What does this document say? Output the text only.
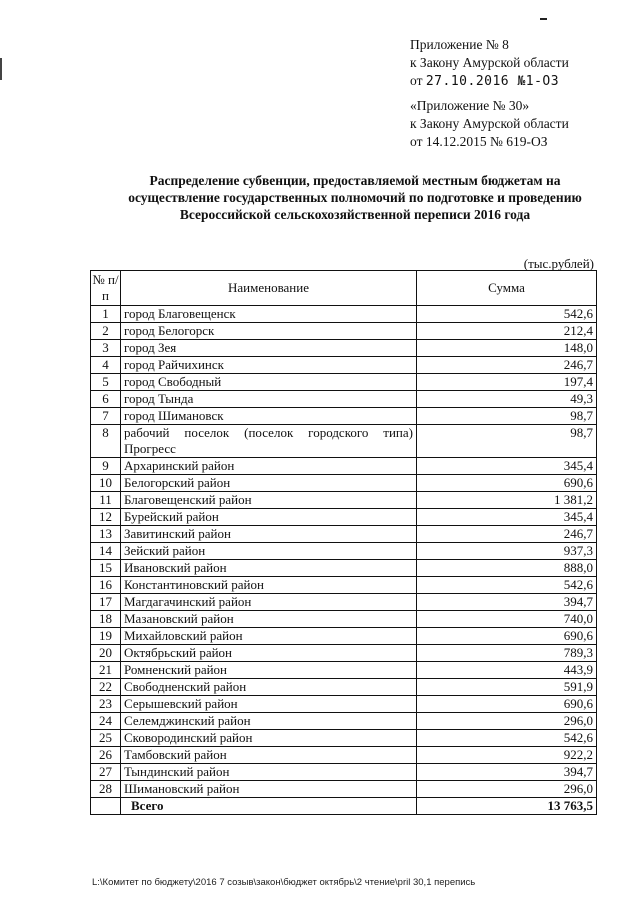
Приложение № 8
к Закону Амурской области
от 27.10.2016 №1-ОЗ
«Приложение № 30»
к Закону Амурской области
от 14.12.2015 № 619-ОЗ
Распределение субвенции, предоставляемой местным бюджетам на
осуществление государственных полномочий по подготовке и проведению
Всероссийской сельскохозяйственной переписи 2016 года
(тыс.рублей)
№ п/п	Наименование	Сумма
1	город Благовещенск	542,6
2	город Белогорск	212,4
3	город Зея	148,0
4	город Райчихинск	246,7
5	город Свободный	197,4
6	город Тында	49,3
7	город Шимановск	98,7
8	рабочий поселок (поселок городского типа) Прогресс	98,7
9	Архаринский район	345,4
10	Белогорский район	690,6
11	Благовещенский район	1 381,2
12	Бурейский район	345,4
13	Завитинский район	246,7
14	Зейский район	937,3
15	Ивановский район	888,0
16	Константиновский район	542,6
17	Магдагачинский район	394,7
18	Мазановский район	740,0
19	Михайловский район	690,6
20	Октябрьский район	789,3
21	Ромненский район	443,9
22	Свободненский район	591,9
23	Серышевский район	690,6
24	Селемджинский район	296,0
25	Сковородинский район	542,6
26	Тамбовский район	922,2
27	Тындинский район	394,7
28	Шимановский район	296,0
	Всего	13 763,5
L:\Комитет по бюджету\2016 7 созыв\закон\бюджет октябрь\2 чтение\pril 30,1 перепись
